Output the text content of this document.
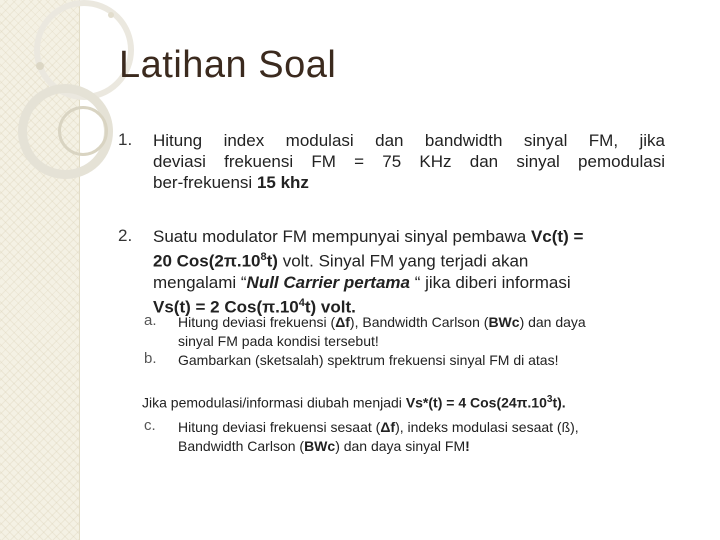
Latihan Soal
1. Hitung index modulasi dan bandwidth sinyal FM, jika
deviasi frekuensi FM = 75 KHz dan sinyal pemodulasi
ber-frekuensi 15 khz
2. Suatu modulator FM mempunyai sinyal pembawa Vc(t) =
20 $Cos(2\pi.10^8t)$ volt. Sinyal FM yang terjadi akan
mengalami “Null Carrier pertama “ jika diberi informasi
Vs(t) = 2 $Cos(\pi.10^4t)$ volt.
a. Hitung deviasi frekuensi (Δf), Bandwidth Carlson (BWc) dan daya
sinyal FM pada kondisi tersebut!
b. Gambarkan (sketsalah) spektrum frekuensi sinyal FM di atas!
Jika pemodulasi/informasi diubah menjadi Vs*(t) = 4 $Cos(24\pi.10^3t)$.
c. Hitung deviasi frekuensi sesaat (Δf), indeks modulasi sesaat (ß),
Bandwidth Carlson (BWc) dan daya sinyal FM!
